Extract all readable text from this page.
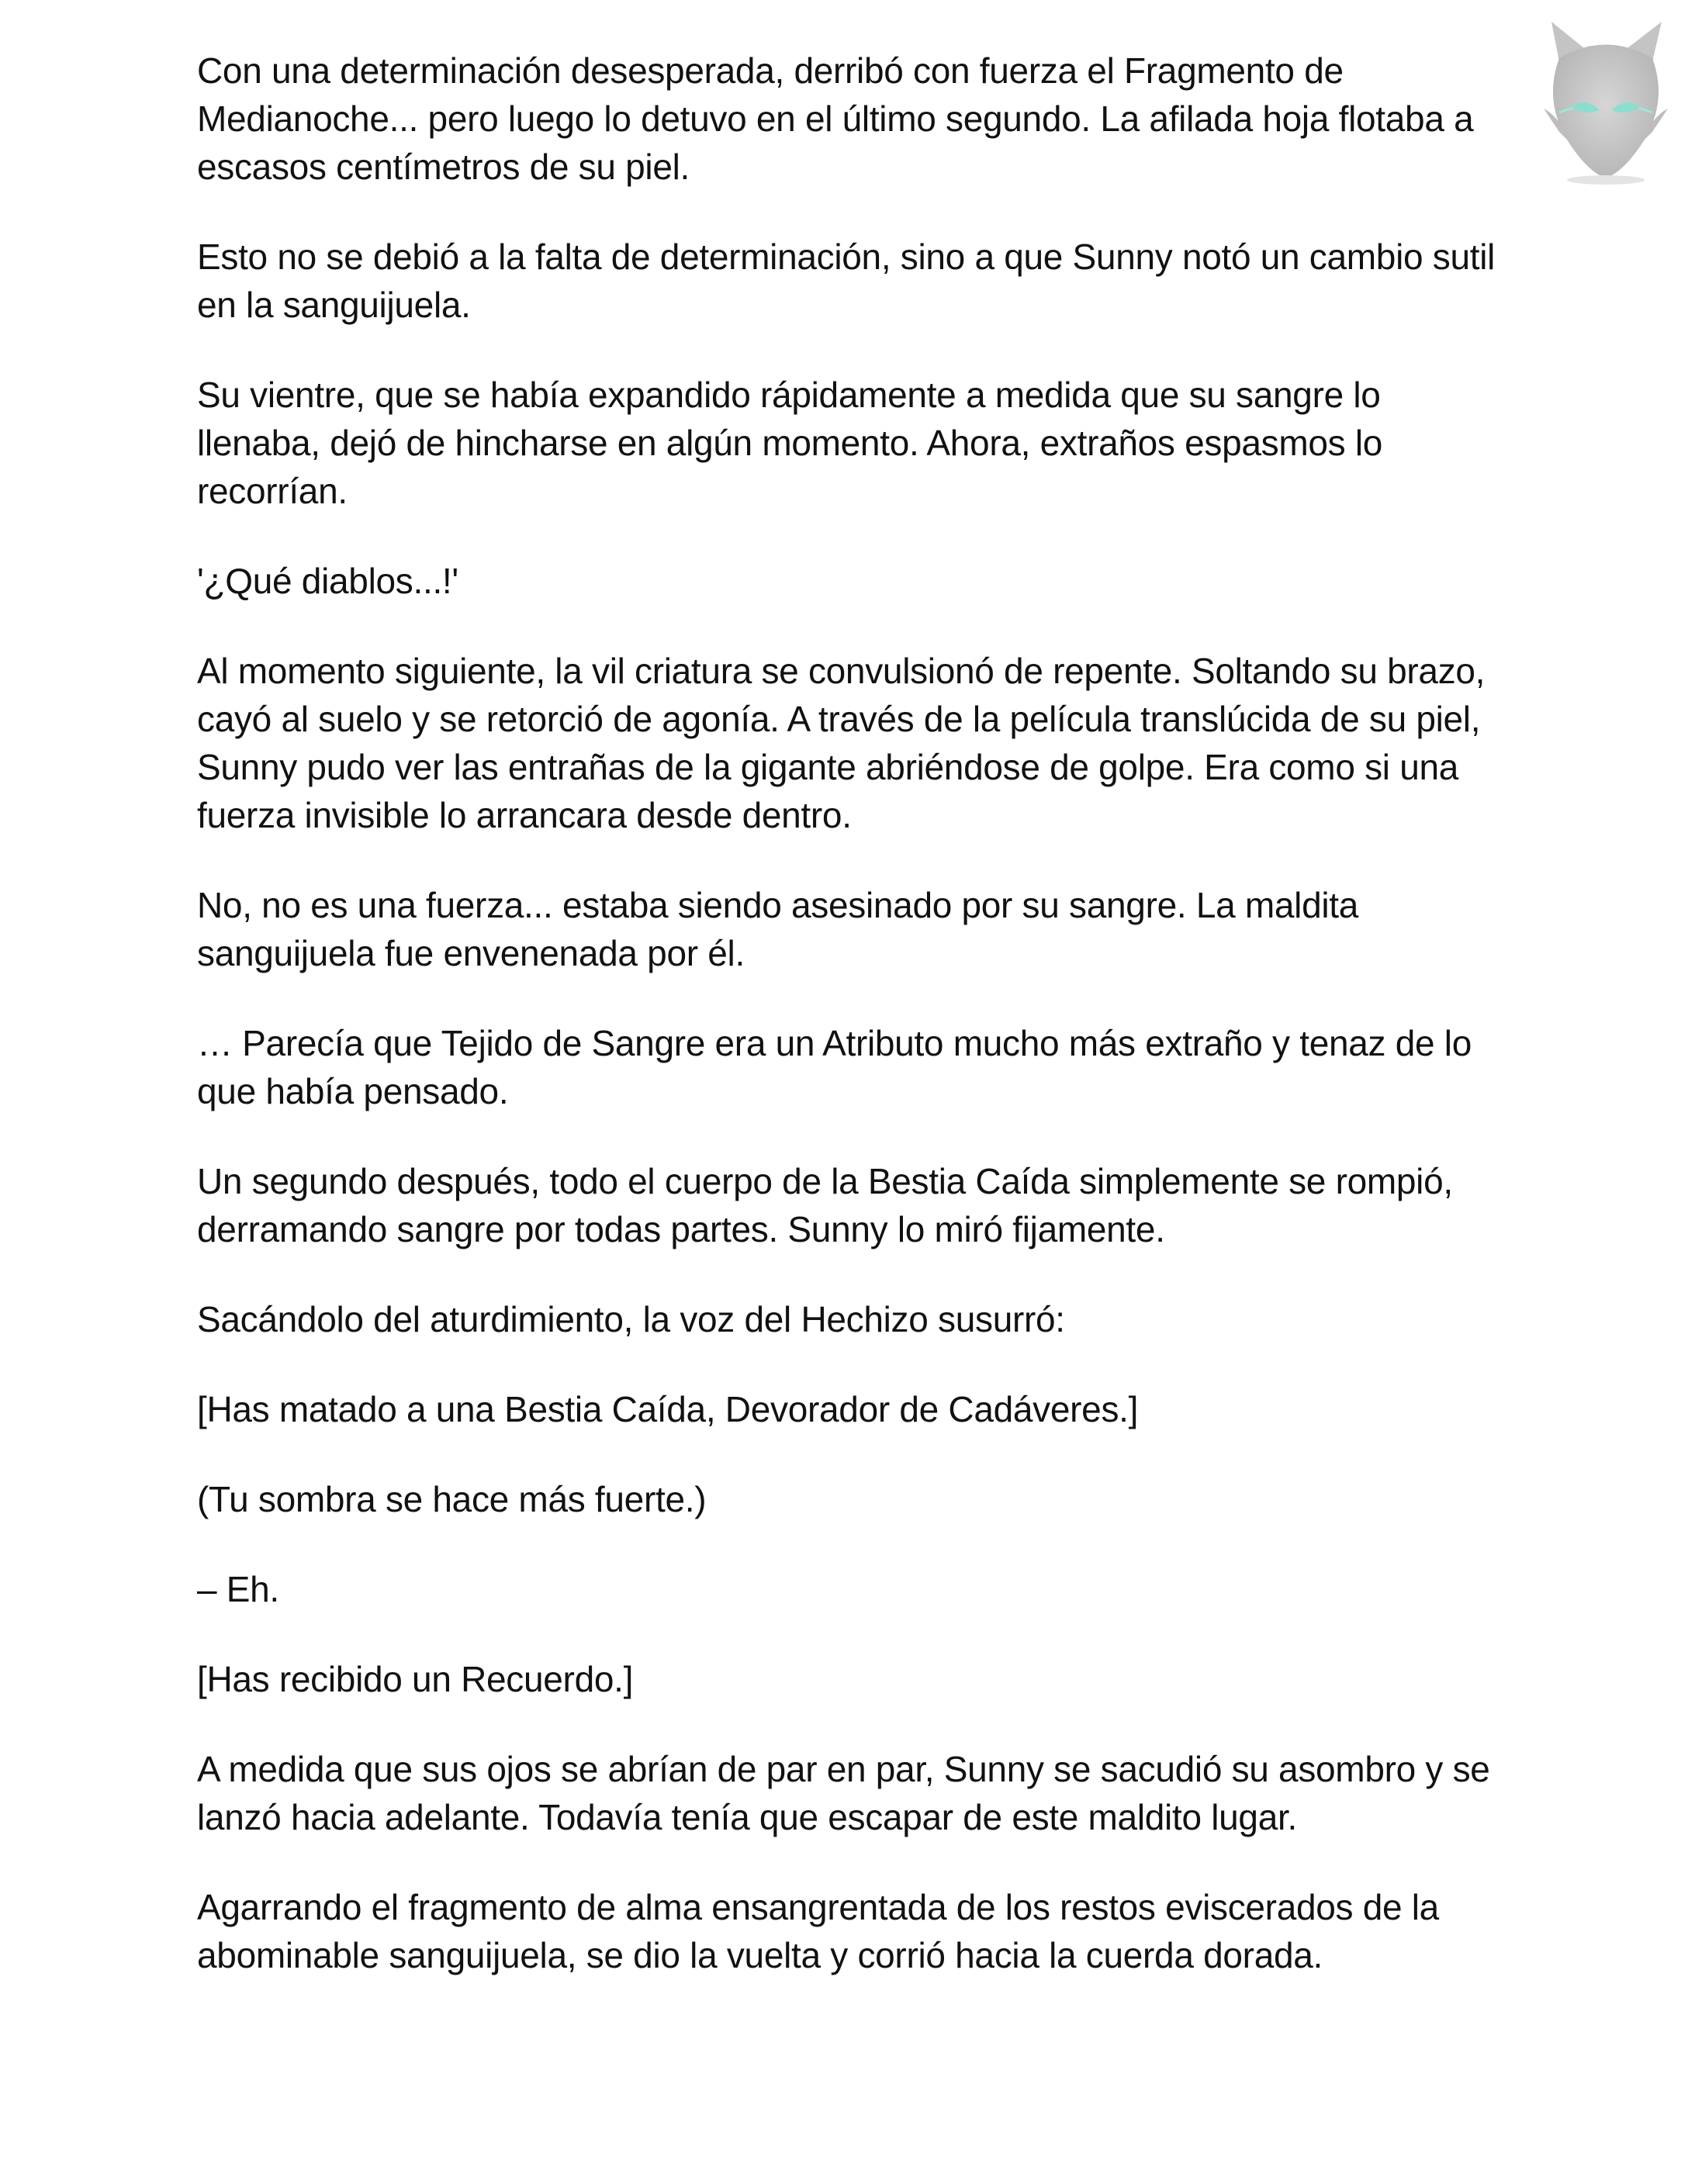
Con una determinación desesperada, derribó con fuerza el Fragmento de Medianoche... pero luego lo detuvo en el último segundo. La afilada hoja flotaba a escasos centímetros de su piel.

Esto no se debió a la falta de determinación, sino a que Sunny notó un cambio sutil en la sanguijuela.

Su vientre, que se había expandido rápidamente a medida que su sangre lo llenaba, dejó de hincharse en algún momento. Ahora, extraños espasmos lo recorrían.

'¿Qué diablos...!'

Al momento siguiente, la vil criatura se convulsionó de repente. Soltando su brazo, cayó al suelo y se retorció de agonía. A través de la película translúcida de su piel, Sunny pudo ver las entrañas de la gigante abriéndose de golpe. Era como si una fuerza invisible lo arrancara desde dentro.

No, no es una fuerza... estaba siendo asesinado por su sangre. La maldita sanguijuela fue envenenada por él.

… Parecía que Tejido de Sangre era un Atributo mucho más extraño y tenaz de lo que había pensado.

Un segundo después, todo el cuerpo de la Bestia Caída simplemente se rompió, derramando sangre por todas partes. Sunny lo miró fijamente.

Sacándolo del aturdimiento, la voz del Hechizo susurró:

[Has matado a una Bestia Caída, Devorador de Cadáveres.]

(Tu sombra se hace más fuerte.)

– Eh.

[Has recibido un Recuerdo.]

A medida que sus ojos se abrían de par en par, Sunny se sacudió su asombro y se lanzó hacia adelante. Todavía tenía que escapar de este maldito lugar.

Agarrando el fragmento de alma ensangrentada de los restos eviscerados de la abominable sanguijuela, se dio la vuelta y corrió hacia la cuerda dorada.
